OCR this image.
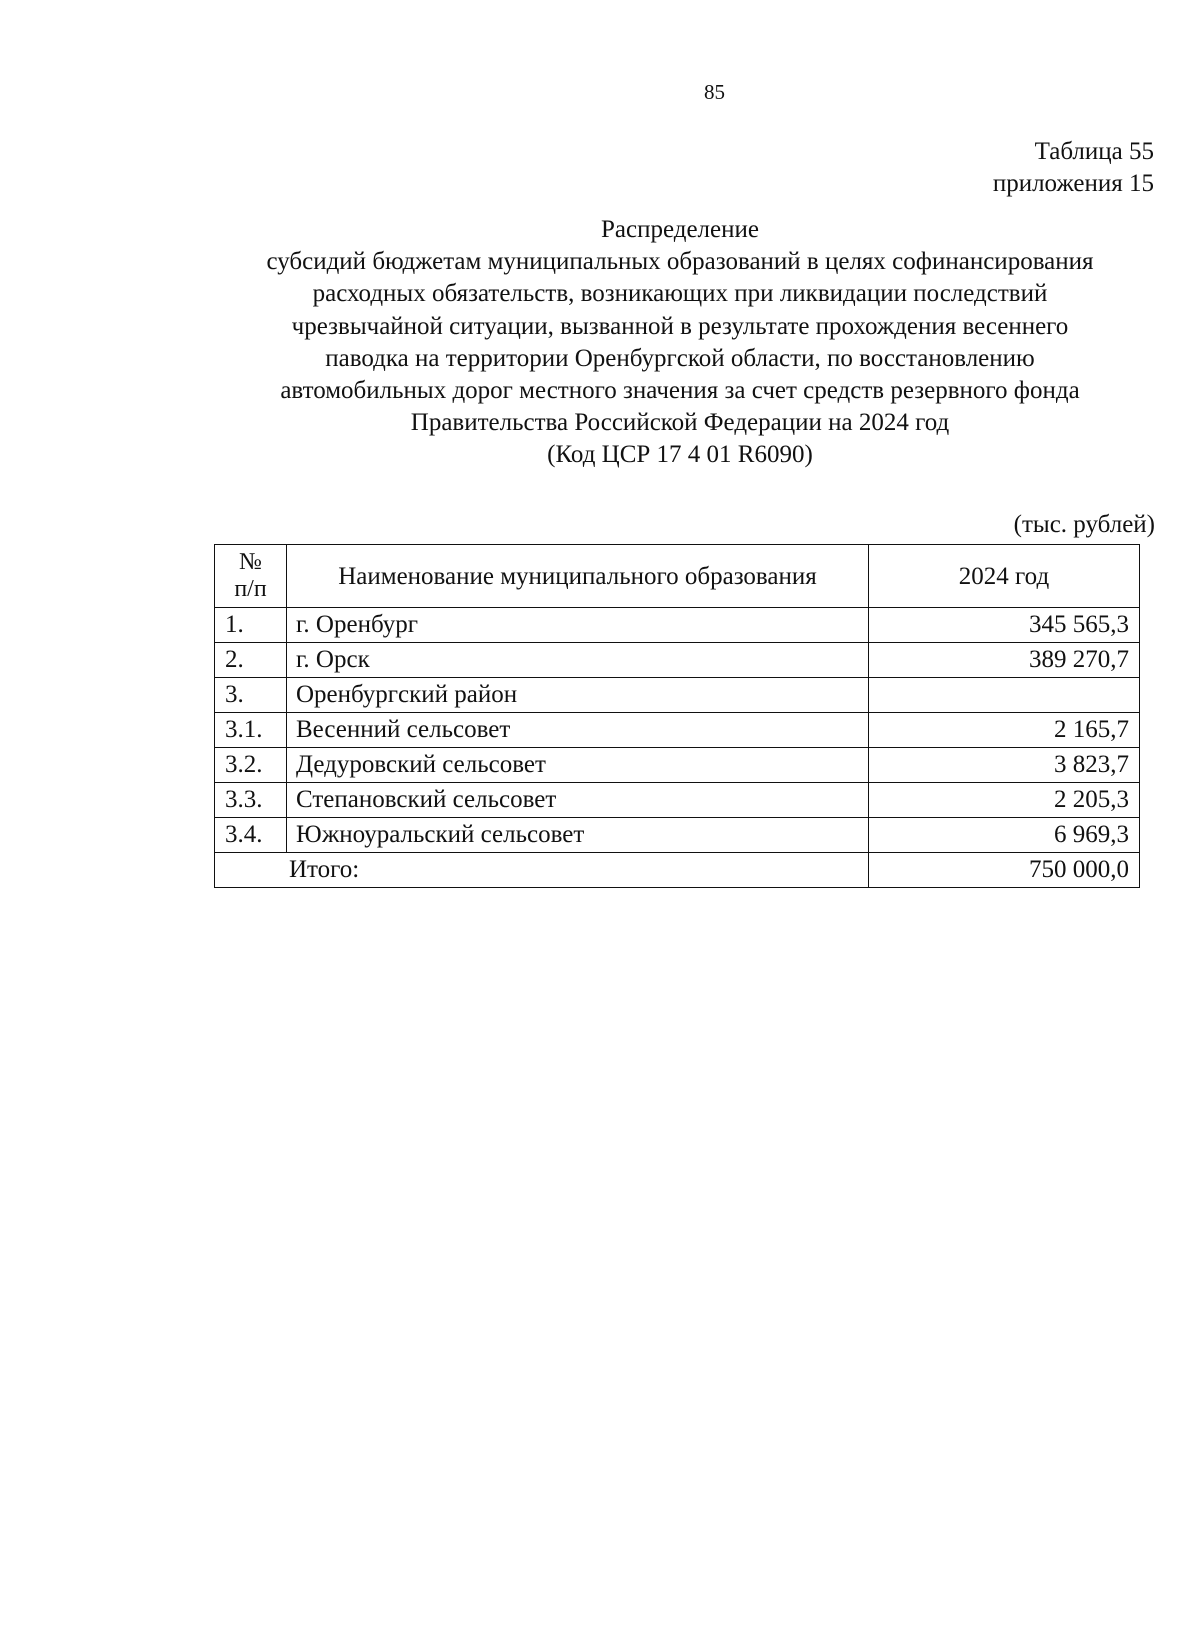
85
Таблица 55
приложения 15
Распределение
субсидий бюджетам муниципальных образований в целях софинансирования
расходных обязательств, возникающих при ликвидации последствий
чрезвычайной ситуации, вызванной в результате прохождения весеннего
паводка на территории Оренбургской области, по восстановлению
автомобильных дорог местного значения за счет средств резервного фонда
Правительства Российской Федерации на 2024 год
(Код ЦСР 17 4 01 R6090)
(тыс. рублей)
№
п/п	Наименование муниципального образования	2024 год
1.	г. Оренбург	345 565,3
2.	г. Орск	389 270,7
3.	Оренбургский район	
3.1.	Весенний сельсовет	2 165,7
3.2.	Дедуровский сельсовет	3 823,7
3.3.	Степановский сельсовет	2 205,3
3.4.	Южноуральский сельсовет	6 969,3
Итого:		750 000,0
